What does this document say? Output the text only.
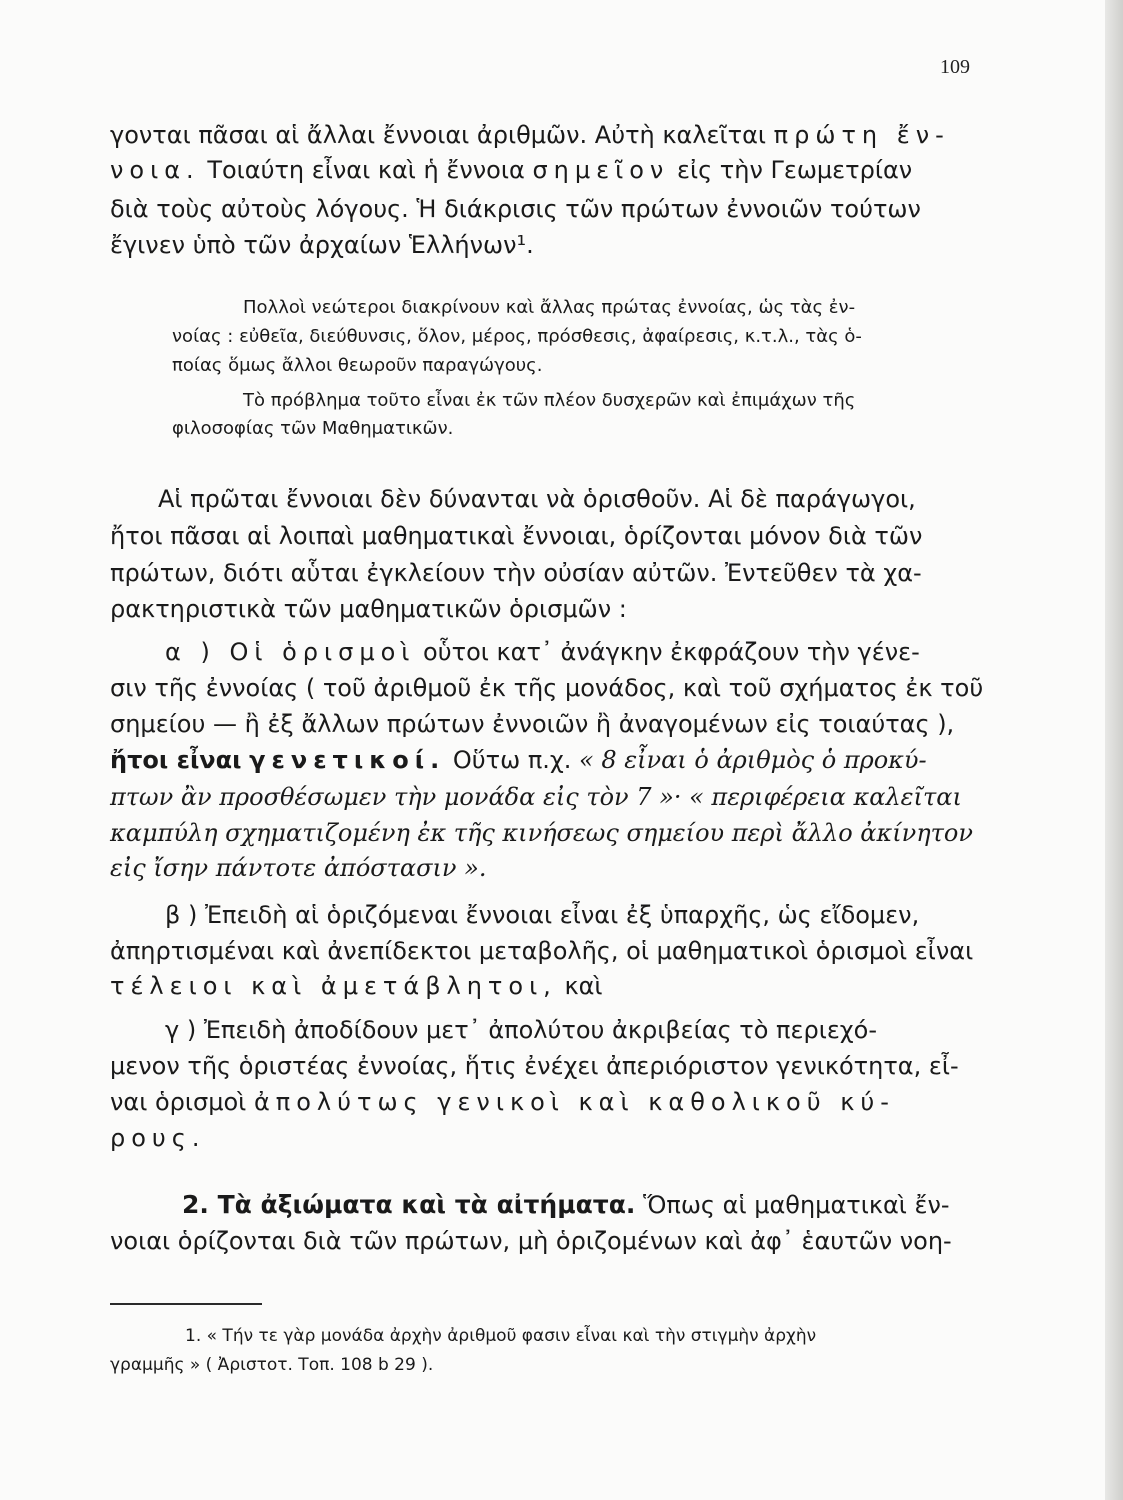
109
γονται πᾶσαι αἱ ἄλλαι ἔννοιαι ἀριθμῶν. Αὐτὴ καλεῖται πρώτη ἔν-
νοια. Τοιαύτη εἶναι καὶ ἡ ἔννοια σημεῖον εἰς τὴν Γεωμετρίαν
διὰ τοὺς αὐτοὺς λόγους. Ἡ διάκρισις τῶν πρώτων ἐννοιῶν τούτων
ἔγινεν ὑπὸ τῶν ἀρχαίων Ἑλλήνων¹.
Πολλοὶ νεώτεροι διακρίνουν καὶ ἄλλας πρώτας ἐννοίας, ὡς τὰς ἐν-
νοίας : εὐθεῖα, διεύθυνσις, ὅλον, μέρος, πρόσθεσις, ἀφαίρεσις, κ.τ.λ., τὰς ὁ-
ποίας ὅμως ἄλλοι θεωροῦν παραγώγους.
Τὸ πρόβλημα τοῦτο εἶναι ἐκ τῶν πλέον δυσχερῶν καὶ ἐπιμάχων τῆς
φιλοσοφίας τῶν Μαθηματικῶν.
Αἱ πρῶται ἔννοιαι δὲν δύνανται νὰ ὁρισθοῦν. Αἱ δὲ παράγωγοι,
ἤτοι πᾶσαι αἱ λοιπαὶ μαθηματικαὶ ἔννοιαι, ὁρίζονται μόνον διὰ τῶν
πρώτων, διότι αὗται ἐγκλείουν τὴν οὐσίαν αὐτῶν. Ἐντεῦθεν τὰ χα-
ρακτηριστικὰ τῶν μαθηματικῶν ὁρισμῶν :
α ) Οἱ ὁρισμοὶ οὗτοι κατ᾽ ἀνάγκην ἐκφράζουν τὴν γένε-
σιν τῆς ἐννοίας ( τοῦ ἀριθμοῦ ἐκ τῆς μονάδος, καὶ τοῦ σχήματος ἐκ τοῦ
σημείου — ἢ ἐξ ἄλλων πρώτων ἐννοιῶν ἢ ἀναγομένων εἰς τοιαύτας ),
ἤτοι εἶναι γενετικοί. Οὕτω π.χ. « 8 εἶναι ὁ ἀριθμὸς ὁ προκύ-
πτων ἂν προσθέσωμεν τὴν μονάδα εἰς τὸν 7 »· « περιφέρεια καλεῖται
καμπύλη σχηματιζομένη ἐκ τῆς κινήσεως σημείου περὶ ἄλλο ἀκίνητον
εἰς ἴσην πάντοτε ἀπόστασιν ».
β ) Ἐπειδὴ αἱ ὁριζόμεναι ἔννοιαι εἶναι ἐξ ὑπαρχῆς, ὡς εἴδομεν,
ἀπηρτισμέναι καὶ ἀνεπίδεκτοι μεταβολῆς, οἱ μαθηματικοὶ ὁρισμοὶ εἶναι
τέλειοι καὶ ἀμετάβλητοι, καὶ
γ ) Ἐπειδὴ ἀποδίδουν μετ᾽ ἀπολύτου ἀκριβείας τὸ περιεχό-
μενον τῆς ὁριστέας ἐννοίας, ἥτις ἐνέχει ἀπεριόριστον γενικότητα, εἶ-
ναι ὁρισμοὶ ἀπολύτως γενικοὶ καὶ καθολικοῦ κύ-
ρους.
2. Τὰ ἀξιώματα καὶ τὰ αἰτήματα. Ὅπως αἱ μαθηματικαὶ ἔν-
νοιαι ὁρίζονται διὰ τῶν πρώτων, μὴ ὁριζομένων καὶ ἀφ᾽ ἑαυτῶν νοη-
1. « Τήν τε γὰρ μονάδα ἀρχὴν ἀριθμοῦ φασιν εἶναι καὶ τὴν στιγμὴν ἀρχὴν
γραμμῆς » ( Ἀριστοτ. Τοπ. 108 b 29 ).
